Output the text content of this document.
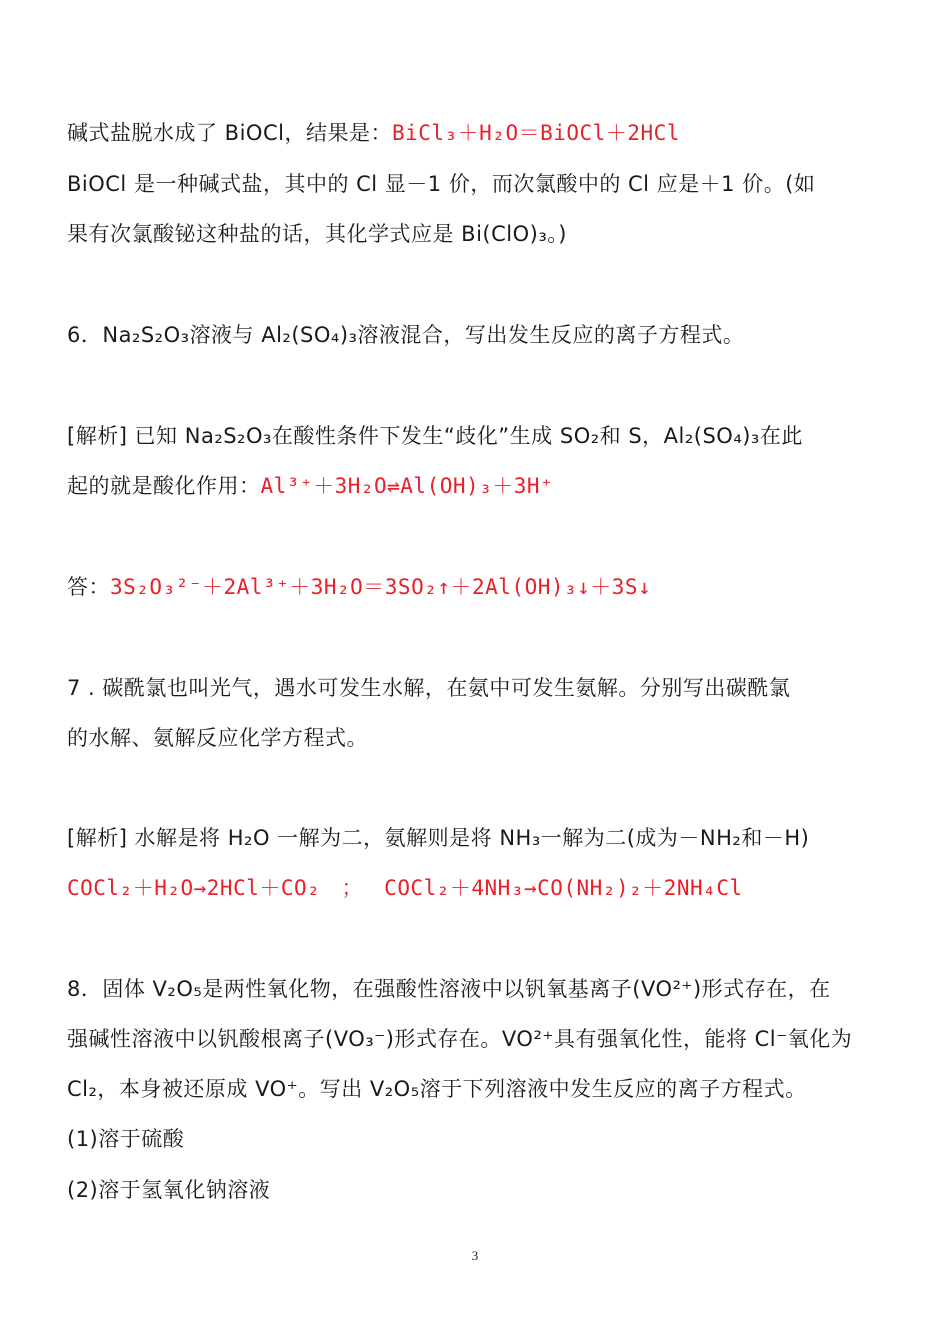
碱式盐脱水成了 BiOCl，结果是：BiCl₃＋H₂O＝BiOCl＋2HCl
BiOCl 是一种碱式盐，其中的 Cl 显－1 价，而次氯酸中的 Cl 应是＋1 价。(如
果有次氯酸铋这种盐的话，其化学式应是 Bi(ClO)₃。)
6．Na₂S₂O₃溶液与 Al₂(SO₄)₃溶液混合，写出发生反应的离子方程式。
[解析] 已知 Na₂S₂O₃在酸性条件下发生“歧化”生成 SO₂和 S，Al₂(SO₄)₃在此
起的就是酸化作用：Al³⁺＋3H₂O⇌Al(OH)₃＋3H⁺
答：3S₂O₃²⁻＋2Al³⁺＋3H₂O＝3SO₂↑＋2Al(OH)₃↓＋3S↓
7 . 碳酰氯也叫光气，遇水可发生水解，在氨中可发生氨解。分别写出碳酰氯
的水解、氨解反应化学方程式。
[解析] 水解是将 H₂O 一解为二，氨解则是将 NH₃一解为二(成为－NH₂和－H)
COCl₂＋H₂O→2HCl＋CO₂ ； COCl₂＋4NH₃→CO(NH₂)₂＋2NH₄Cl
8．固体 V₂O₅是两性氧化物，在强酸性溶液中以钒氧基离子(VO²⁺)形式存在，在
强碱性溶液中以钒酸根离子(VO₃⁻)形式存在。VO²⁺具有强氧化性，能将 Cl⁻氧化为
Cl₂，本身被还原成 VO⁺。写出 V₂O₅溶于下列溶液中发生反应的离子方程式。
(1)溶于硫酸
(2)溶于氢氧化钠溶液
3
